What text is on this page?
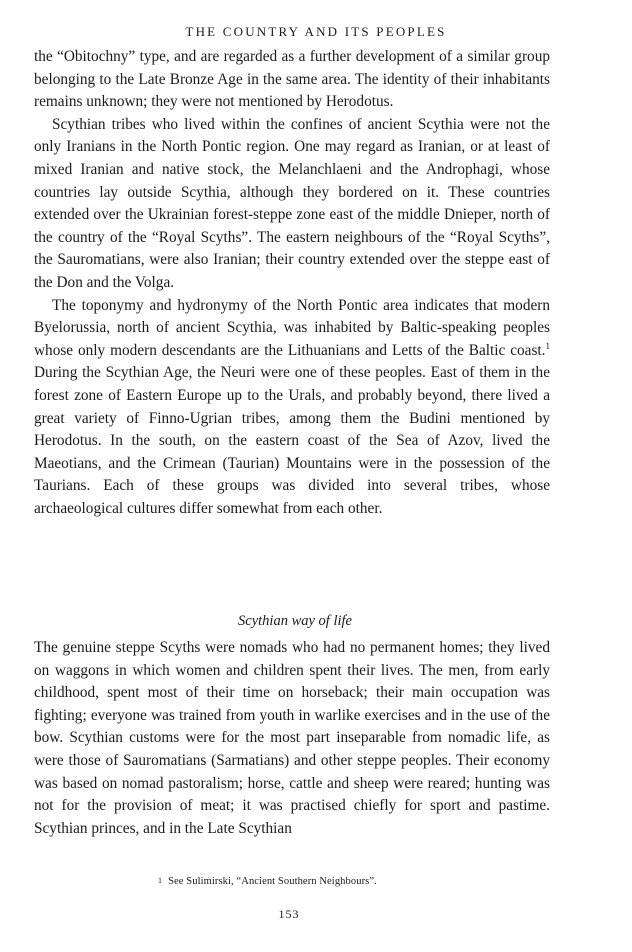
THE COUNTRY AND ITS PEOPLES

the “Obitochny” type, and are regarded as a further development of a similar group belonging to the Late Bronze Age in the same area. The identity of their inhabitants remains unknown; they were not mentioned by Herodotus.

Scythian tribes who lived within the confines of ancient Scythia were not the only Iranians in the North Pontic region. One may regard as Iranian, or at least of mixed Iranian and native stock, the Melanchlaeni and the Androphagi, whose countries lay outside Scythia, although they bordered on it. These countries extended over the Ukrainian forest-steppe zone east of the middle Dnieper, north of the country of the “Royal Scyths”. The eastern neighbours of the “Royal Scyths”, the Sauromatians, were also Iranian; their country extended over the steppe east of the Don and the Volga.

The toponymy and hydronymy of the North Pontic area indicates that modern Byelorussia, north of ancient Scythia, was inhabited by Baltic-speaking peoples whose only modern descendants are the Lithuanians and Letts of the Baltic coast.$^1$ During the Scythian Age, the Neuri were one of these peoples. East of them in the forest zone of Eastern Europe up to the Urals, and probably beyond, there lived a great variety of Finno-Ugrian tribes, among them the Budini mentioned by Herodotus. In the south, on the eastern coast of the Sea of Azov, lived the Maeotians, and the Crimean (Taurian) Mountains were in the possession of the Taurians. Each of these groups was divided into several tribes, whose archaeological cultures differ somewhat from each other.

Scythian way of life

The genuine steppe Scyths were nomads who had no permanent homes; they lived on waggons in which women and children spent their lives. The men, from early childhood, spent most of their time on horseback; their main occupation was fighting; everyone was trained from youth in warlike exercises and in the use of the bow. Scythian customs were for the most part inseparable from nomadic life, as were those of Sauromatians (Sarmatians) and other steppe peoples. Their economy was based on nomad pastoralism; horse, cattle and sheep were reared; hunting was not for the provision of meat; it was practised chiefly for sport and pastime. Scythian princes, and in the Late Scythian

1 See Sulimirski, “Ancient Southern Neighbours”.
153
